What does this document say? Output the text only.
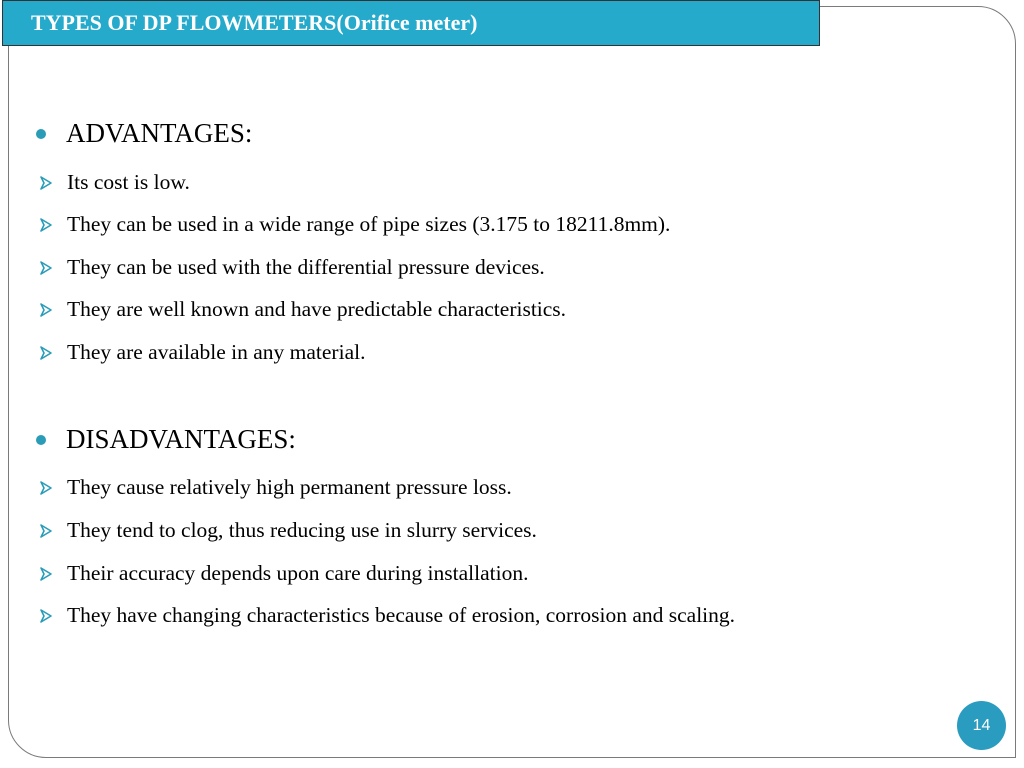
TYPES OF DP FLOWMETERS(Orifice meter)
ADVANTAGES:
Its cost is low.
They can be used in a wide range of pipe sizes (3.175 to 18211.8mm).
They can be used with the differential pressure devices.
They are well known and have predictable characteristics.
They are available in any material.
DISADVANTAGES:
They cause relatively high permanent pressure loss.
They tend to clog, thus reducing use in slurry services.
Their accuracy depends upon care during installation.
They have changing characteristics because of erosion, corrosion and scaling.
14
